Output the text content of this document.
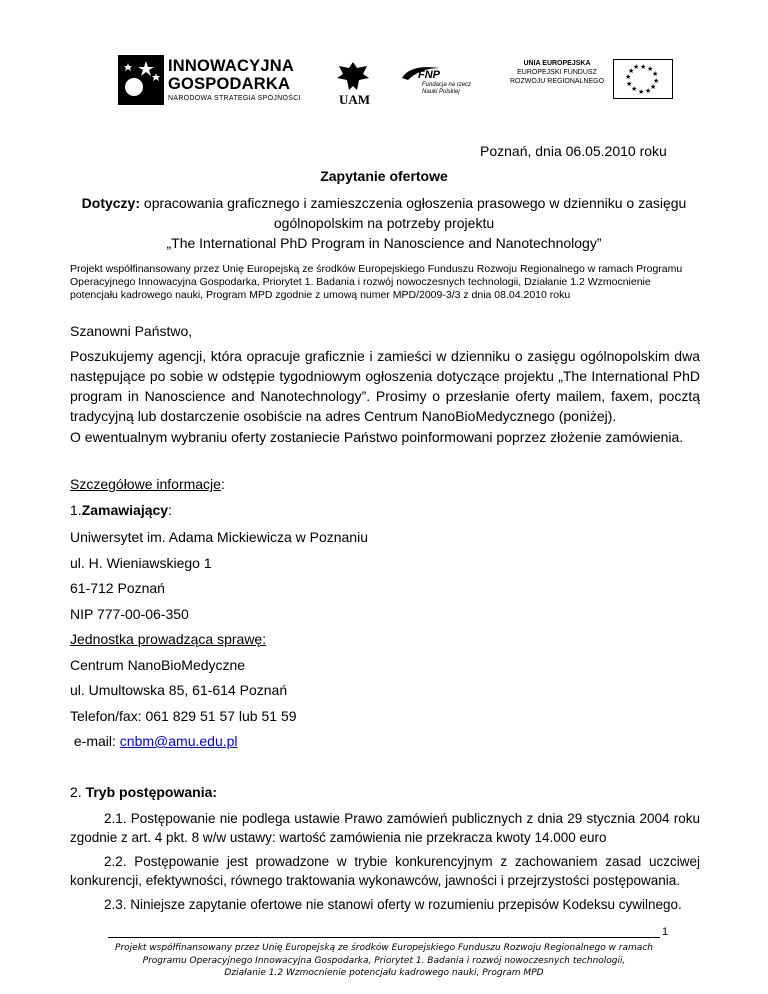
INNOWACYJNA
GOSPODARKA
NARODOWA STRATEGIA SPÓJNOŚCI	UAM
FNP
Fundacja na rzecz Nauki Polskiej
UNIA EUROPEJSKA
EUROPEJSKI FUNDUSZ
ROZWOJU REGIONALNEGO
★ ★
★
★
★
★
★
★
★
★
★
★
Poznań, dnia 06.05.2010 roku
Zapytanie ofertowe
Dotyczy: opracowania graficznego i zamieszczenia ogłoszenia prasowego w dzienniku o zasięgu
ogólnopolskim na potrzeby projektu
„The International PhD Program in Nanoscience and Nanotechnology”
Projekt współfinansowany przez Unię Europejską ze środków Europejskiego Funduszu Rozwoju Regionalnego w ramach Programu Operacyjnego Innowacyjna Gospodarka, Priorytet 1. Badania i rozwój nowoczesnych technologii, Działanie 1.2 Wzmocnienie potencjału kadrowego nauki, Program MPD zgodnie z umową numer MPD/2009-3/3 z dnia 08.04.2010 roku
Szanowni Państwo,
Poszukujemy agencji, która opracuje graficznie i zamieści w dzienniku o zasięgu ogólnopolskim dwa następujące po sobie w odstępie tygodniowym ogłoszenia dotyczące projektu „The International PhD program in Nanoscience and Nanotechnology”. Prosimy o przesłanie oferty mailem, faxem, pocztą tradycyjną lub dostarczenie osobiście na adres Centrum NanoBioMedycznego (poniżej).
O ewentualnym wybraniu oferty zostaniecie Państwo poinformowani poprzez złożenie zamówienia.
Szczegółowe informacje:
1.Zamawiający:
Uniwersytet im. Adama Mickiewicza w Poznaniu
ul. H. Wieniawskiego 1
61-712 Poznań
NIP 777-00-06-350
Jednostka prowadząca sprawę:
Centrum NanoBioMedyczne
ul. Umultowska 85, 61-614 Poznań
Telefon/fax: 061 829 51 57 lub 51 59
e-mail: cnbm@amu.edu.pl
2. Tryb postępowania:
2.1. Postępowanie nie podlega ustawie Prawo zamówień publicznych z dnia 29 stycznia 2004 roku zgodnie z art. 4 pkt. 8 w/w ustawy: wartość zamówienia nie przekracza kwoty 14.000 euro
2.2. Postępowanie jest prowadzone w trybie konkurencyjnym z zachowaniem zasad uczciwej konkurencji, efektywności, równego traktowania wykonawców, jawności i przejrzystości postępowania.
2.3. Niniejsze zapytanie ofertowe nie stanowi oferty w rozumieniu przepisów Kodeksu cywilnego.
1
Projekt współfinansowany przez Unię Europejską ze środków Europejskiego Funduszu Rozwoju Regionalnego w ramach
Programu Operacyjnego Innowacyjna Gospodarka, Priorytet 1. Badania i rozwój nowoczesnych technologii,
Działanie 1.2 Wzmocnienie potencjału kadrowego nauki, Program MPD
